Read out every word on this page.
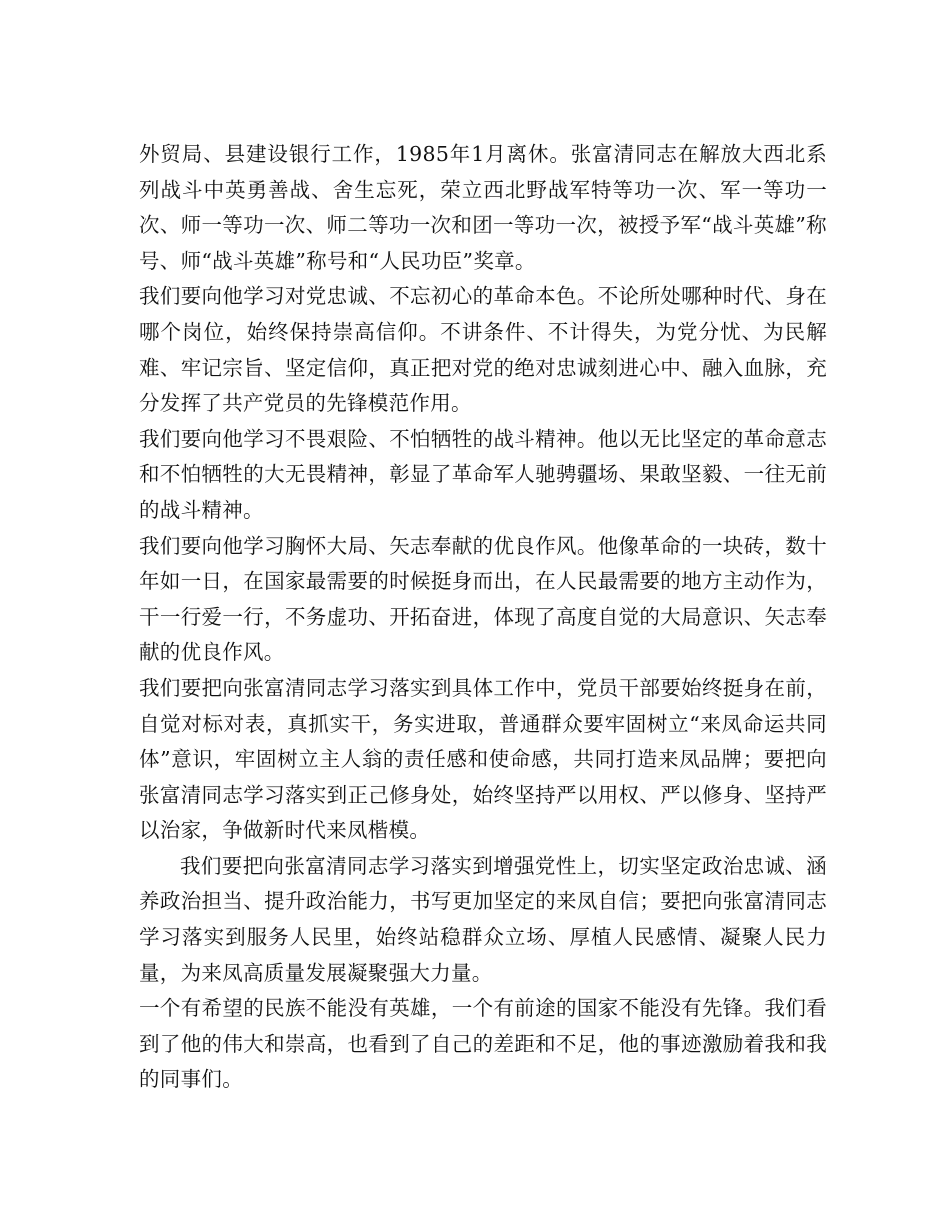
外贸局、县建设银行工作，1985年1月离休。张富清同志在解放大西北系列战斗中英勇善战、舍生忘死，荣立西北野战军特等功一次、军一等功一次、师一等功一次、师二等功一次和团一等功一次，被授予军“战斗英雄”称号、师“战斗英雄”称号和“人民功臣”奖章。

我们要向他学习对党忠诚、不忘初心的革命本色。不论所处哪种时代、身在哪个岗位，始终保持崇高信仰。不讲条件、不计得失，为党分忧、为民解难、牢记宗旨、坚定信仰，真正把对党的绝对忠诚刻进心中、融入血脉，充分发挥了共产党员的先锋模范作用。

我们要向他学习不畏艰险、不怕牺牲的战斗精神。他以无比坚定的革命意志和不怕牺牲的大无畏精神，彰显了革命军人驰骋疆场、果敢坚毅、一往无前的战斗精神。

我们要向他学习胸怀大局、矢志奉献的优良作风。他像革命的一块砖，数十年如一日，在国家最需要的时候挺身而出，在人民最需要的地方主动作为，干一行爱一行，不务虚功、开拓奋进，体现了高度自觉的大局意识、矢志奉献的优良作风。

我们要把向张富清同志学习落实到具体工作中，党员干部要始终挺身在前，自觉对标对表，真抓实干，务实进取，普通群众要牢固树立“来凤命运共同体”意识，牢固树立主人翁的责任感和使命感，共同打造来凤品牌；要把向张富清同志学习落实到正己修身处，始终坚持严以用权、严以修身、坚持严以治家，争做新时代来凤楷模。

我们要把向张富清同志学习落实到增强党性上，切实坚定政治忠诚、涵养政治担当、提升政治能力，书写更加坚定的来凤自信；要把向张富清同志学习落实到服务人民里，始终站稳群众立场、厚植人民感情、凝聚人民力量，为来凤高质量发展凝聚强大力量。

一个有希望的民族不能没有英雄，一个有前途的国家不能没有先锋。我们看到了他的伟大和崇高，也看到了自己的差距和不足，他的事迹激励着我和我的同事们。
